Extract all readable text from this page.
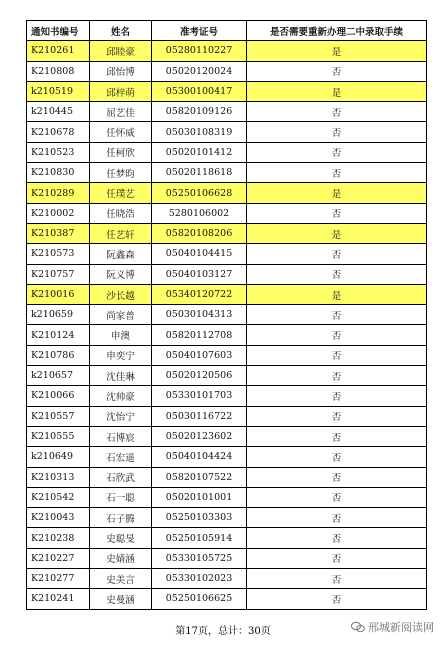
通知书编号	姓名	准考证号	是否需要重新办理二中录取手续
K210261	邱睦豪	05280110227	是
K210808	邱怡博	05020120024	否
k210519	邱梓萌	05300100417	是
k210445	屈艺佳	05820109126	否
K210678	任怀威	05030108319	否
K210523	任柯欣	05020101412	否
K210830	任梦昀	05020118618	否
K210289	任璞艺	05250106628	是
K210002	任晓浩	5280106002	否
K210387	任艺轩	05820108206	是
K210573	阮鑫森	05040104415	否
K210757	阮义博	05040103127	否
K210016	沙长越	05340120722	是
k210659	尚家普	05030104313	否
K210124	申澳	05820112708	否
K210786	申奕宁	05040107603	否
k210657	沈佳琳	05020120506	否
K210066	沈帅豪	05330101703	否
K210557	沈怡宁	05030116722	否
K210555	石博宸	05020123602	否
k210649	石宏遥	05040104424	否
K210313	石欣武	05820107522	否
K210542	石一聪	05020101001	否
K210043	石子腾	05250103303	否
K210238	史聪旻	05250105914	否
K210227	史婧涵	05330105725	否
K210277	史美言	05330102023	否
K210241	史曼涵	05250106625	否
第17页，总计：30页	邢城新阅读网
